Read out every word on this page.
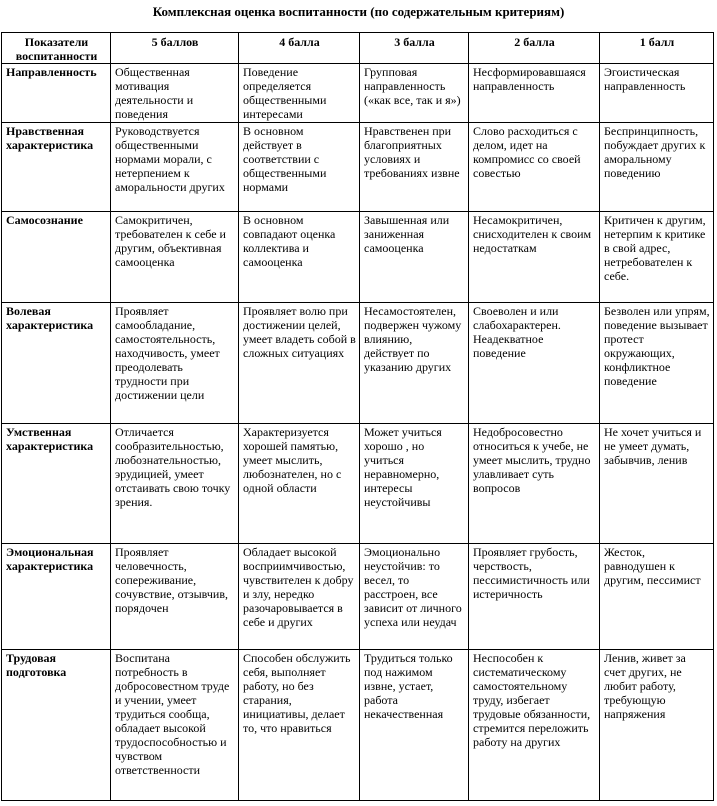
Комплексная оценка воспитанности (по содержательным критериям)
Показатели воспитанности	5 баллов	4 балла	3 балла	2 балла	1 балл
Направленность	Общественная мотивация деятельности и поведения	Поведение определяется общественными интересами	Групповая направленность («как все, так и я»)	Несформировавшаяся направленность	Эгоистическая направленность
Нравственная характеристика	Руководствуется общественными нормами морали, с нетерпением к аморальности других	В основном действует в соответствии с общественными нормами	Нравственен при благоприятных условиях и требованиях извне	Слово расходиться с делом, идет на компромисс со своей совестью	Беспринципность, побуждает других к аморальному поведению
Самосознание	Самокритичен, требователен к себе и другим, объективная самооценка	В основном совпадают оценка коллектива и самооценка	Завышенная или заниженная самооценка	Несамокритичен, снисходителен к своим недостаткам	Критичен к другим, нетерпим к критике в свой адрес, нетребователен к себе.
Волевая характеристика	Проявляет самообладание, самостоятельность, находчивость, умеет преодолевать трудности при достижении цели	Проявляет волю при достижении целей, умеет владеть собой в сложных ситуациях	Несамостоятелен, подвержен чужому влиянию, действует по указанию других	Своеволен и или слабохарактерен. Неадекватное поведение	Безволен или упрям, поведение вызывает протест окружающих, конфликтное поведение
Умственная характеристика	Отличается сообразительностью, любознательностью, эрудицией, умеет отстаивать свою точку зрения.	Характеризуется хорошей памятью, умеет мыслить, любознателен, но с одной области	Может учиться хорошо , но учиться неравномерно, интересы неустойчивы	Недобросовестно относиться к учебе, не умеет мыслить, трудно улавливает суть вопросов	Не хочет учиться и не умеет думать, забывчив, ленив
Эмоциональная характеристика	Проявляет человечность, сопереживание, сочувствие, отзывчив, порядочен	Обладает высокой восприимчивостью, чувствителен к добру и злу, нередко разочаровывается в себе и других	Эмоционально неустойчив: то весел, то расстроен, все зависит от личного успеха или неудач	Проявляет грубость, черствость, пессимистичность или истеричность	Жесток, равнодушен к другим, пессимист
Трудовая подготовка	Воспитана потребность в добросовестном труде и учении, умеет трудиться сообща, обладает высокой трудоспособностью и чувством ответственности	Способен обслужить себя, выполняет работу, но без старания, инициативы, делает то, что нравиться	Трудиться только под нажимом извне, устает, работа некачественная	Неспособен к систематическому самостоятельному труду, избегает трудовые обязанности, стремится переложить работу на других	Ленив, живет за счет других, не любит работу, требующую напряжения
